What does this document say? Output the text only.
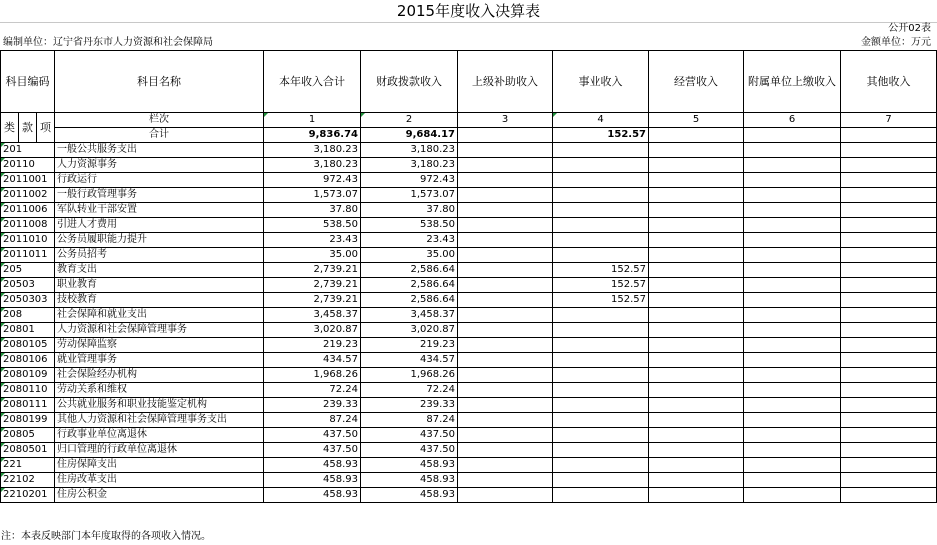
2015年度收入决算表
公开02表
编制单位：辽宁省丹东市人力资源和社会保障局	金额单位：万元
科目编码			科目名称	本年收入合计	财政拨款收入	上级补助收入	事业收入	经营收入	附属单位上缴收入	其他收入
类	款	项	栏次	1	2	3	4	5	6	7
			合计	9,836.74	9,684.17		152.57			
201			一般公共服务支出	3,180.23	3,180.23					
20110			人力资源事务	3,180.23	3,180.23					
2011001			行政运行	972.43	972.43					
2011002			一般行政管理事务	1,573.07	1,573.07					
2011006			军队转业干部安置	37.80	37.80					
2011008			引进人才费用	538.50	538.50					
2011010			公务员履职能力提升	23.43	23.43					
2011011			公务员招考	35.00	35.00					
205			教育支出	2,739.21	2,586.64		152.57			
20503			职业教育	2,739.21	2,586.64		152.57			
2050303			技校教育	2,739.21	2,586.64		152.57			
208			社会保障和就业支出	3,458.37	3,458.37					
20801			人力资源和社会保障管理事务	3,020.87	3,020.87					
2080105			劳动保障监察	219.23	219.23					
2080106			就业管理事务	434.57	434.57					
2080109			社会保险经办机构	1,968.26	1,968.26					
2080110			劳动关系和维权	72.24	72.24					
2080111			公共就业服务和职业技能鉴定机构	239.33	239.33					
2080199			其他人力资源和社会保障管理事务支出	87.24	87.24					
20805			行政事业单位离退休	437.50	437.50					
2080501			归口管理的行政单位离退休	437.50	437.50					
221			住房保障支出	458.93	458.93					
22102			住房改革支出	458.93	458.93					
2210201			住房公积金	458.93	458.93					
注：本表反映部门本年度取得的各项收入情况。
